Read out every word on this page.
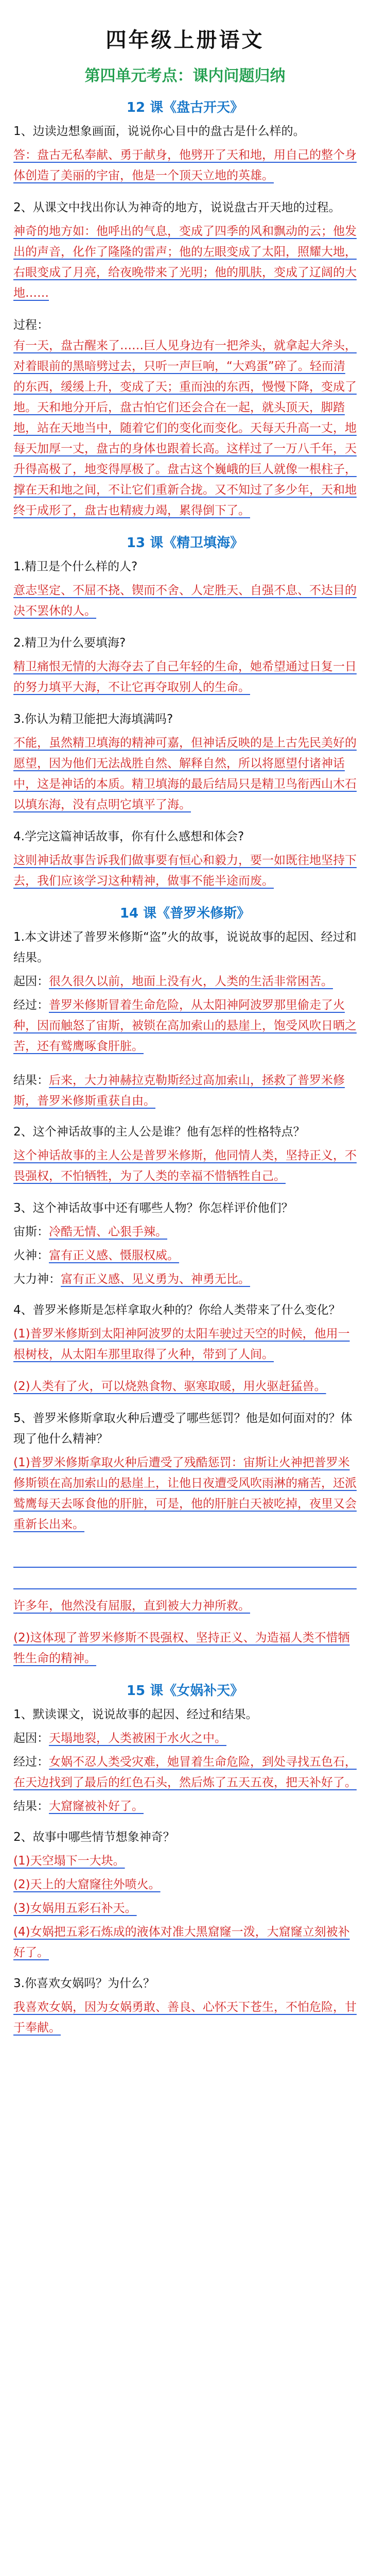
四年级上册语文
第四单元考点：课内问题归纳
12 课《盘古开天》
1、边读边想象画面，说说你心目中的盘古是什么样的。
答：盘古无私奉献、勇于献身，他劈开了天和地，用自己的整个身体创造了美丽的宇宙，他是一个顶天立地的英雄。
2、从课文中找出你认为神奇的地方，说说盘古开天地的过程。
神奇的地方如：他呼出的气息，变成了四季的风和飘动的云；他发出的声音，化作了隆隆的雷声；他的左眼变成了太阳，照耀大地，右眼变成了月亮，给夜晚带来了光明；他的肌肤，变成了辽阔的大地……
过程：
有一天，盘古醒来了……巨人见身边有一把斧头，就拿起大斧头，对着眼前的黑暗劈过去，只听一声巨响，“大鸡蛋”碎了。轻而清的东西，缓缓上升，变成了天；重而浊的东西，慢慢下降，变成了地。天和地分开后，盘古怕它们还会合在一起，就头顶天，脚踏地，站在天地当中，随着它们的变化而变化。天每天升高一丈，地每天加厚一丈，盘古的身体也跟着长高。这样过了一万八千年，天升得高极了，地变得厚极了。盘古这个巍峨的巨人就像一根柱子，撑在天和地之间，不让它们重新合拢。又不知过了多少年，天和地终于成形了，盘古也精疲力竭，累得倒下了。
13 课《精卫填海》
1.精卫是个什么样的人?
意志坚定、不屈不挠、锲而不舍、人定胜天、自强不息、不达目的决不罢休的人。
2.精卫为什么要填海?
精卫痛恨无情的大海夺去了自己年轻的生命，她希望通过日复一日的努力填平大海，不让它再夺取别人的生命。
3.你认为精卫能把大海填满吗?
不能，虽然精卫填海的精神可嘉，但神话反映的是上古先民美好的愿望，因为他们无法战胜自然、解释自然，所以将愿望付诸神话中，这是神话的本质。精卫填海的最后结局只是精卫鸟衔西山木石以填东海，没有点明它填平了海。
4.学完这篇神话故事，你有什么感想和体会?
这则神话故事告诉我们做事要有恒心和毅力，要一如既往地坚持下去，我们应该学习这种精神，做事不能半途而废。
14 课《普罗米修斯》
1.本文讲述了普罗米修斯“盗”火的故事，说说故事的起因、经过和结果。
起因：很久很久以前，地面上没有火，人类的生活非常困苦。
经过：普罗米修斯冒着生命危险，从太阳神阿波罗那里偷走了火种，因而触怒了宙斯，被锁在高加索山的悬崖上，饱受风吹日晒之苦，还有鹫鹰啄食肝脏。
结果：后来，大力神赫拉克勒斯经过高加索山，拯救了普罗米修斯，普罗米修斯重获自由。
2、这个神话故事的主人公是谁？他有怎样的性格特点？
这个神话故事的主人公是普罗米修斯，他同情人类，坚持正义，不畏强权，不怕牺牲，为了人类的幸福不惜牺牲自己。
3、这个神话故事中还有哪些人物？你怎样评价他们？
宙斯：冷酷无情、心狠手辣。
火神：富有正义感、慑服权威。
大力神：富有正义感、见义勇为、神勇无比。
4、普罗米修斯是怎样拿取火种的？你给人类带来了什么变化？
(1)普罗米修斯到太阳神阿波罗的太阳车驶过天空的时候，他用一根树枝，从太阳车那里取得了火种，带到了人间。
(2)人类有了火，可以烧熟食物、驱寒取暖，用火驱赶猛兽。
5、普罗米修斯拿取火种后遭受了哪些惩罚？他是如何面对的？体现了他什么精神？
(1)普罗米修斯拿取火种后遭受了残酷惩罚：宙斯让火神把普罗米修斯锁在高加索山的悬崖上，让他日夜遭受风吹雨淋的痛苦，还派鹫鹰每天去啄食他的肝脏，可是，他的肝脏白天被吃掉，夜里又会重新长出来。
许多年，他然没有屈服，直到被大力神所救。
(2)这体现了普罗米修斯不畏强权、坚持正义、为造福人类不惜牺牲生命的精神。
15 课《女娲补天》
1、默读课文，说说故事的起因、经过和结果。
起因：天塌地裂，人类被困于水火之中。
经过：女娲不忍人类受灾难，她冒着生命危险，到处寻找五色石，在天边找到了最后的红色石头，然后炼了五天五夜，把天补好了。
结果：大窟窿被补好了。
2、故事中哪些情节想象神奇？
(1)天空塌下一大块。
(2)天上的大窟窿往外喷火。
(3)女娲用五彩石补天。
(4)女娲把五彩石炼成的液体对准大黑窟窿一泼，大窟窿立刻被补好了。
3.你喜欢女娲吗？为什么？
我喜欢女娲，因为女娲勇敢、善良、心怀天下苍生，不怕危险，甘于奉献。
